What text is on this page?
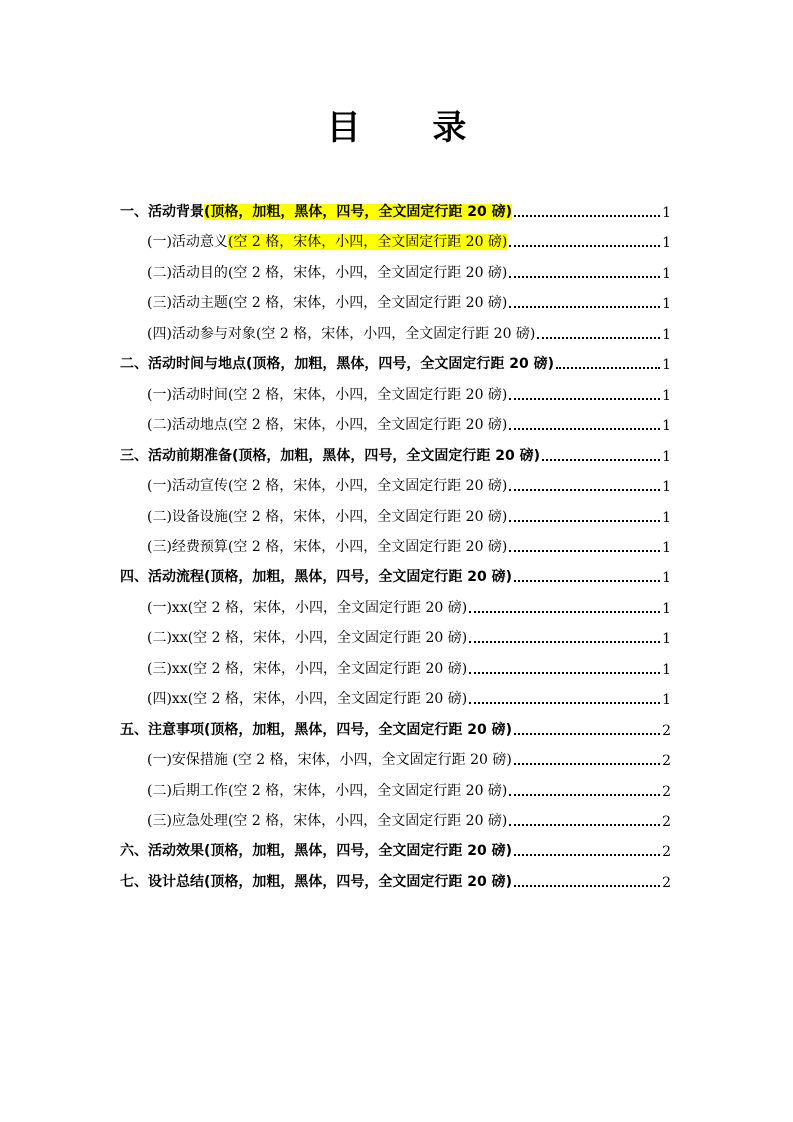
目 录
一、活动背景(顶格，加粗，黑体，四号，全文固定行距 20 磅)	1
(一)活动意义(空 2 格，宋体，小四，全文固定行距 20 磅)	1
(二)活动目的(空 2 格，宋体，小四，全文固定行距 20 磅)	1
(三)活动主题(空 2 格，宋体，小四，全文固定行距 20 磅)	1
(四)活动参与对象(空 2 格，宋体，小四，全文固定行距 20 磅)	1
二、活动时间与地点(顶格，加粗，黑体，四号，全文固定行距 20 磅)	1
(一)活动时间(空 2 格，宋体，小四，全文固定行距 20 磅)	1
(二)活动地点(空 2 格，宋体，小四，全文固定行距 20 磅)	1
三、活动前期准备(顶格，加粗，黑体，四号，全文固定行距 20 磅)	1
(一)活动宣传(空 2 格，宋体，小四，全文固定行距 20 磅)	1
(二)设备设施(空 2 格，宋体，小四，全文固定行距 20 磅)	1
(三)经费预算(空 2 格，宋体，小四，全文固定行距 20 磅)	1
四、活动流程(顶格，加粗，黑体，四号，全文固定行距 20 磅)	1
(一)xx(空 2 格，宋体，小四，全文固定行距 20 磅)	1
(二)xx(空 2 格，宋体，小四，全文固定行距 20 磅)	1
(三)xx(空 2 格，宋体，小四，全文固定行距 20 磅)	1
(四)xx(空 2 格，宋体，小四，全文固定行距 20 磅)	1
五、注意事项(顶格，加粗，黑体，四号，全文固定行距 20 磅)	2
(一)安保措施 (空 2 格，宋体，小四，全文固定行距 20 磅)	2
(二)后期工作(空 2 格，宋体，小四，全文固定行距 20 磅)	2
(三)应急处理(空 2 格，宋体，小四，全文固定行距 20 磅)	2
六、活动效果(顶格，加粗，黑体，四号，全文固定行距 20 磅)	2
七、设计总结(顶格，加粗，黑体，四号，全文固定行距 20 磅)	2
